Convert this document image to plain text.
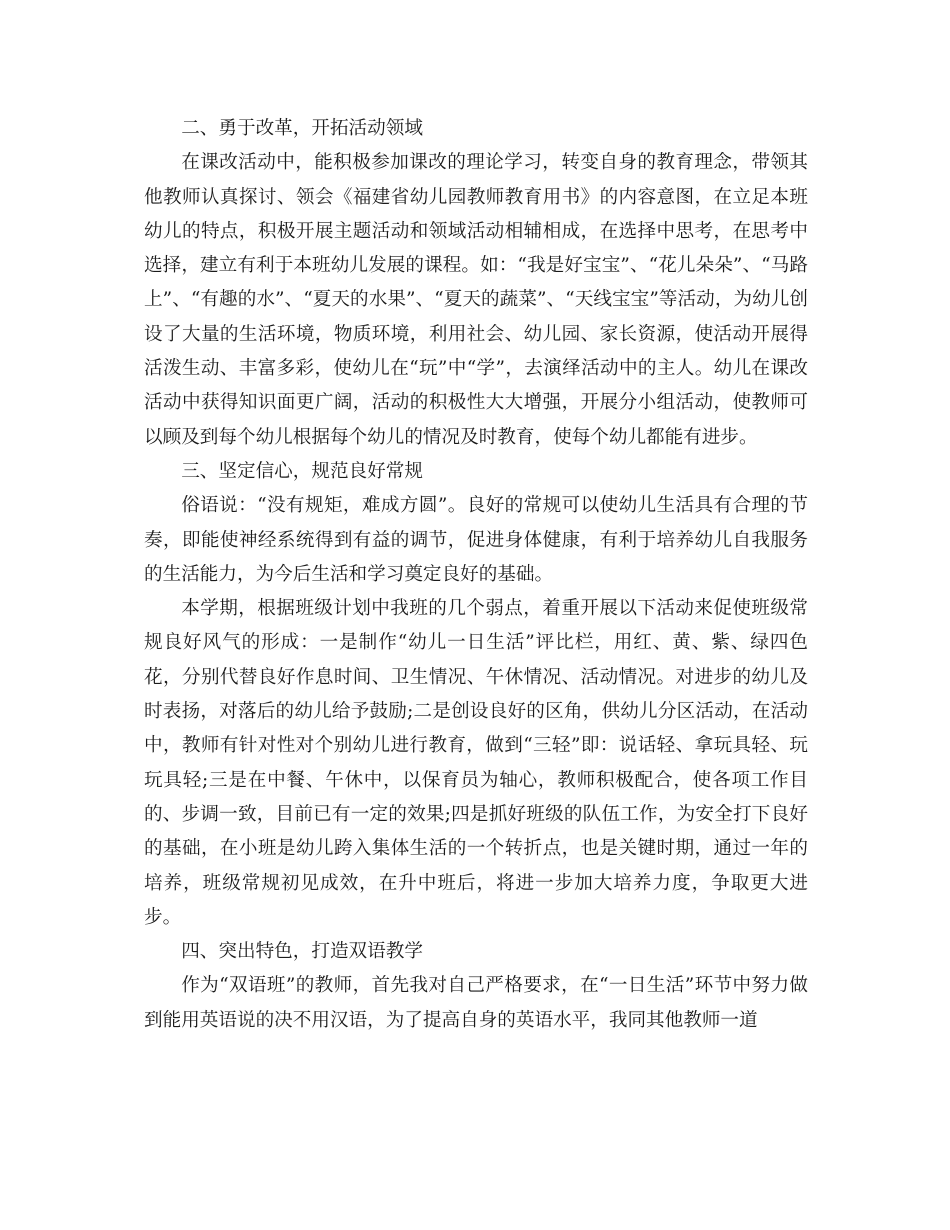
二、勇于改革，开拓活动领域

在课改活动中，能积极参加课改的理论学习，转变自身的教育理念，带领其他教师认真探讨、领会《福建省幼儿园教师教育用书》的内容意图，在立足本班幼儿的特点，积极开展主题活动和领域活动相辅相成，在选择中思考，在思考中选择，建立有利于本班幼儿发展的课程。如：“我是好宝宝”、“花儿朵朵”、“马路上”、“有趣的水”、“夏天的水果”、“夏天的蔬菜”、“天线宝宝”等活动，为幼儿创设了大量的生活环境，物质环境，利用社会、幼儿园、家长资源，使活动开展得活泼生动、丰富多彩，使幼儿在“玩”中“学”，去演绎活动中的主人。幼儿在课改活动中获得知识面更广阔，活动的积极性大大增强，开展分小组活动，使教师可以顾及到每个幼儿根据每个幼儿的情况及时教育，使每个幼儿都能有进步。

三、坚定信心，规范良好常规

俗语说：“没有规矩，难成方圆”。良好的常规可以使幼儿生活具有合理的节奏，即能使神经系统得到有益的调节，促进身体健康，有利于培养幼儿自我服务的生活能力，为今后生活和学习奠定良好的基础。

本学期，根据班级计划中我班的几个弱点，着重开展以下活动来促使班级常规良好风气的形成：一是制作“幼儿一日生活”评比栏，用红、黄、紫、绿四色花，分别代替良好作息时间、卫生情况、午休情况、活动情况。对进步的幼儿及时表扬，对落后的幼儿给予鼓励;二是创设良好的区角，供幼儿分区活动，在活动中，教师有针对性对个别幼儿进行教育，做到“三轻”即：说话轻、拿玩具轻、玩玩具轻;三是在中餐、午休中，以保育员为轴心，教师积极配合，使各项工作目的、步调一致，目前已有一定的效果;四是抓好班级的队伍工作，为安全打下良好的基础，在小班是幼儿跨入集体生活的一个转折点，也是关键时期，通过一年的培养，班级常规初见成效，在升中班后，将进一步加大培养力度，争取更大进步。

四、突出特色，打造双语教学

作为“双语班”的教师，首先我对自己严格要求，在“一日生活”环节中努力做到能用英语说的决不用汉语，为了提高自身的英语水平，我同其他教师一道
